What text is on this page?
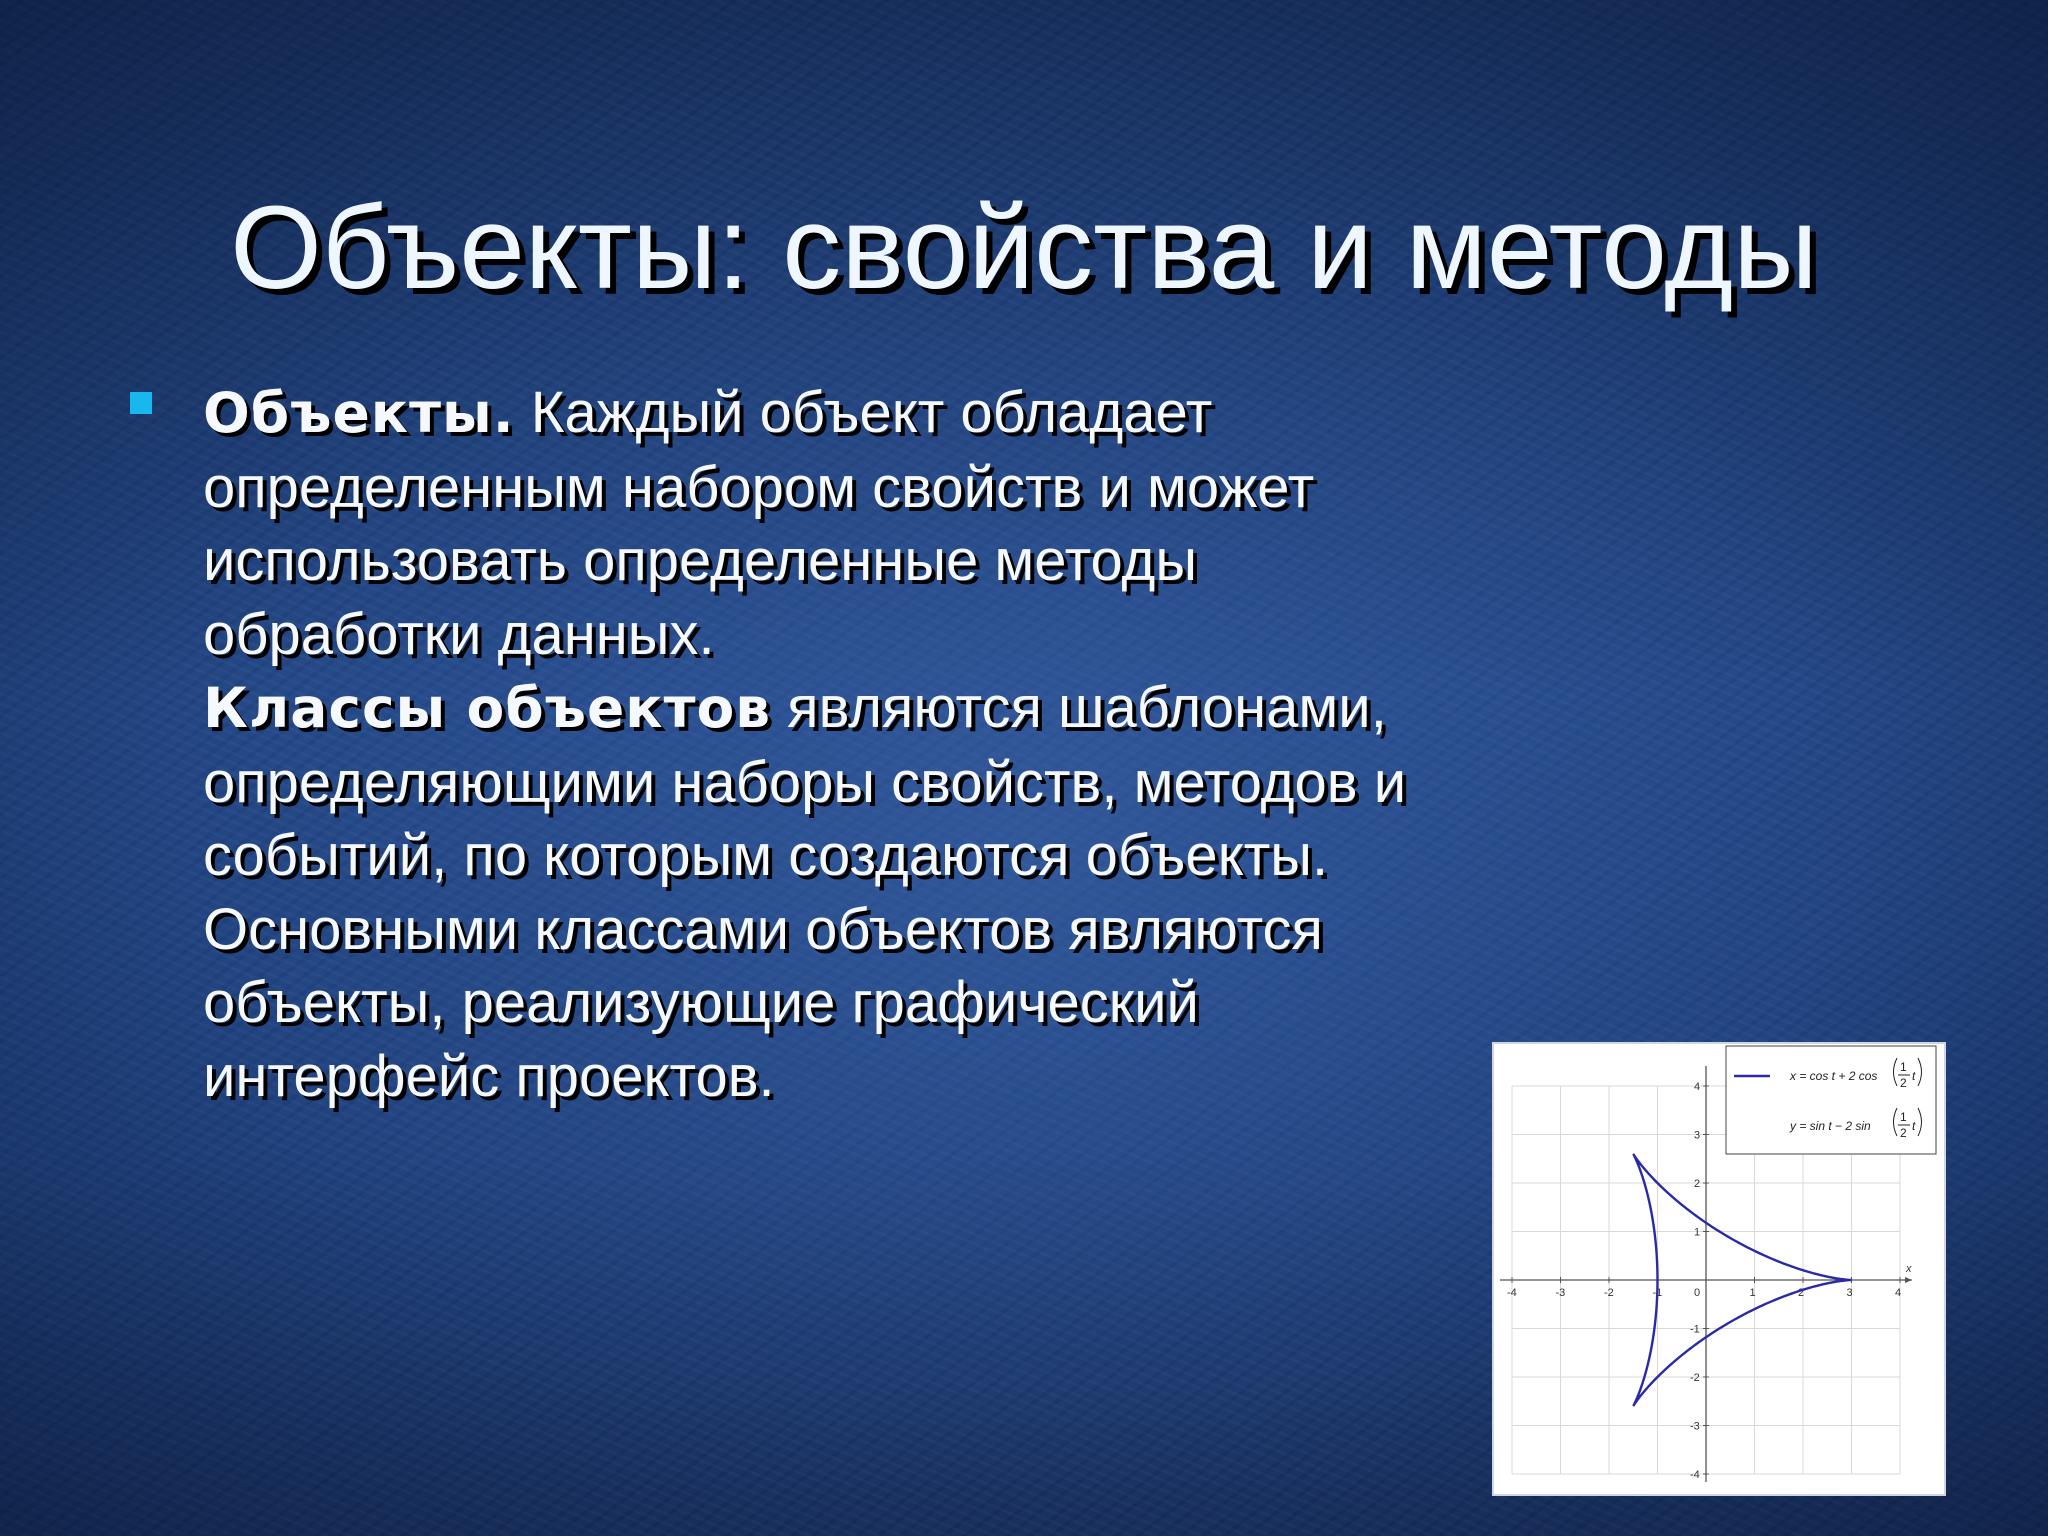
Объекты: свойства и методы
Объекты. Каждый объект обладает
определенным набором свойств и может
использовать определенные методы
обработки данных.
Классы объектов являются шаблонами,
определяющими наборы свойств, методов и
событий, по которым создаются объекты.
Основными классами объектов являются
объекты, реализующие графический
интерфейс проектов.
x
-4	-3	-2	-1	0	1	2	3	4
4
3
2
1
-1
-2
-3
-4
x = cos t + 2 cos
1
2 t
y = sin t − 2 sin
1
2 t
